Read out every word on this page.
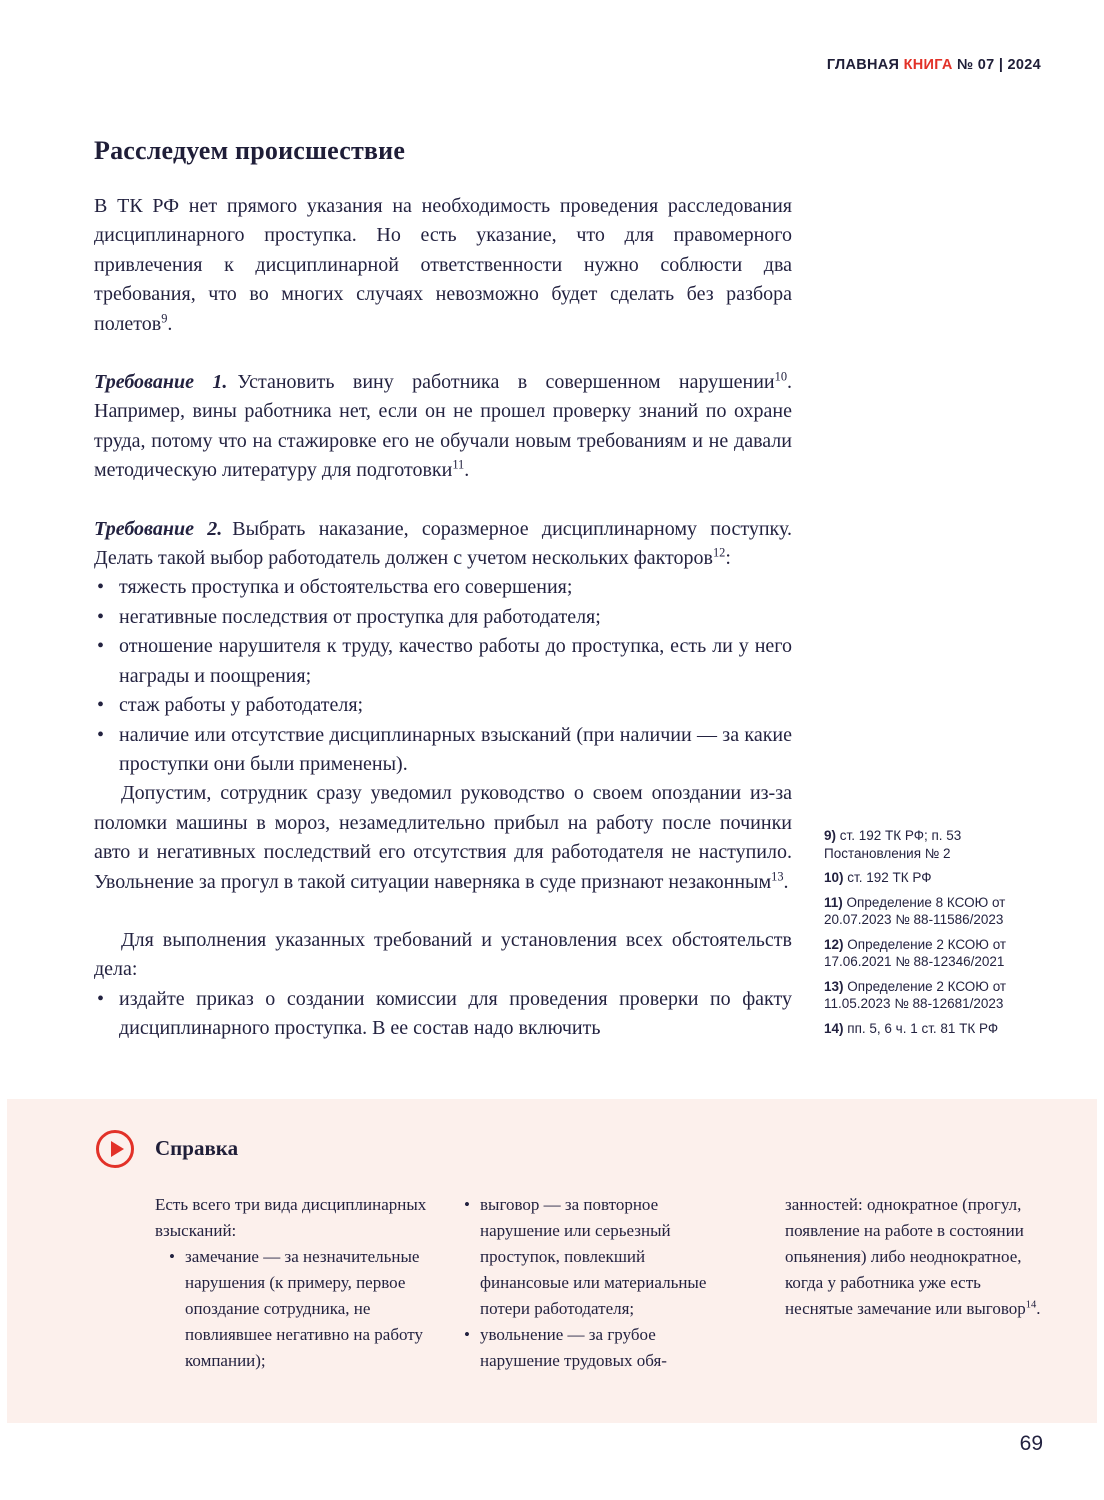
ГЛАВНАЯ КНИГА № 07 | 2024
Расследуем происшествие

В ТК РФ нет прямого указания на необходимость проведения расследования дисциплинарного проступка. Но есть указание, что для правомерного привлечения к дисциплинарной ответственности нужно соблюсти два требования, что во многих случаях невозможно будет сделать без разбора полетов$^9$.

Требование 1. Установить вину работника в совершенном нарушении$^{10}$. Например, вины работника нет, если он не прошел проверку знаний по охране труда, потому что на стажировке его не обучали новым требованиям и не давали методическую литературу для подготовки$^{11}$.

Требование 2. Выбрать наказание, соразмерное дисциплинарному поступку. Делать такой выбор работодатель должен с учетом нескольких факторов$^{12}$:

• тяжесть проступка и обстоятельства его совершения;
• негативные последствия от проступка для работодателя;
• отношение нарушителя к труду, качество работы до проступка, есть ли у него награды и поощрения;
• стаж работы у работодателя;
• наличие или отсутствие дисциплинарных взысканий (при наличии — за какие проступки они были применены).

Допустим, сотрудник сразу уведомил руководство о своем опоздании из-за поломки машины в мороз, незамедлительно прибыл на работу после починки авто и негативных последствий его отсутствия для работодателя не наступило. Увольнение за прогул в такой ситуации наверняка в суде признают незаконным$^{13}$.

Для выполнения указанных требований и установления всех обстоятельств дела:

• издайте приказ о создании комиссии для проведения проверки по факту дисциплинарного проступка. В ее состав надо включить
9) ст. 192 ТК РФ; п. 53 Постановления № 2
10) ст. 192 ТК РФ
11) Определение 8 КСОЮ от 20.07.2023 № 88-11586/2023
12) Определение 2 КСОЮ от 17.06.2021 № 88-12346/2021
13) Определение 2 КСОЮ от 11.05.2023 № 88-12681/2023
14) пп. 5, 6 ч. 1 ст. 81 ТК РФ
Справка

Есть всего три вида дисциплинарных взысканий:

• замечание — за незначительные нарушения (к примеру, первое опоздание сотрудника, не повлиявшее негативно на работу компании);
• выговор — за повторное нарушение или серьезный проступок, повлекший финансовые или материальные потери работодателя;
• увольнение — за грубое нарушение трудовых обя-

занностей: однократное (прогул, появление на работе в состоянии опьянения) либо неоднократное, когда у работника уже есть неснятые замечание или выговор$^{14}$.

69
